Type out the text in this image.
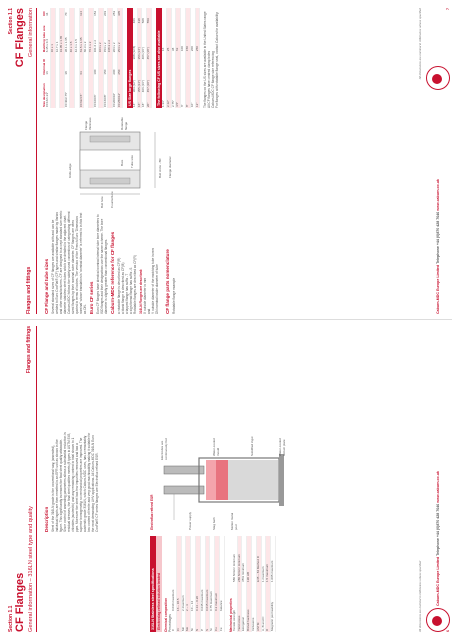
Section 1.1 CF Flanges General information – 316LN steel type and quality
Flanges and fittings
Description Steel of the 316LN grade is the conventional way, (annealed), individual ingots are then remelted in an EFR unit as shown in the figure. This significantly increases the final steel quality attainable. Since control of annealing parameters allows a substantial reduction in residual stresses, the final steel qualities meets (8 types in ASTM E45, chlorides (austenitic) and any remaining content in total shown to 1 ppm. Moreover the steel has few impurities removed and has a superior homogeneity, so mechanical properties are improved. The austenitic grade 316LN, which Caburn-MDC uses, has a remarkably low content of ferrite and very good machinability making it suitable for the most demanding UHV applications. All Caburn-MDC 316LN Euro ConFlat® CF series flanges are Electroflux refined ESR.
316LN Stainless steel specifications Electroslag refined solution treated Chemical composition Percentages C	0.030 maximum
Cr	16 – 18.5
Mn	2 maximum
Mo	2 – 3
Ni	10 – 14
N	0.14 – 0.20
P	0.045 maximum
S	0.015 maximum
Si	0.75 maximum
Co	0.2 maximum
Fe	balance Mechanical properties Tensile strength	580 N/mm² minimum
Yield stress	280 N/mm² minimum
Elongation	35% minimum
Brinell hardness	190 HB
Inclusions	
ASTM	E45 – 84 Method D
A, B and C	1 maximum
D	1.5 maximum
Magnetic permeability	1.005 maximum
Electroflux refined ESR
Electrodes are continuously fed
Power supply	Slag bath	Molten metal pool
Water-cooled mould	Solidified ingot	Water-cooled bottom plate
All dimensions are nominal in millimetres unless specified	Caburn-MDC Europe Limited Telephone +44 (0)870 428 7646 www.caburn.co.uk
6
Flanges and fittings
Section 1.1 CF Flanges General information
CF Flange and tube sizes Several standard sizes of CF flanges are available with and can be welded to Euro ConFlat® (CF) types and similar flanges made by Varian and other manufacturers. CF are designed to accept standard size metric diameter stainless steel tubes which are detailed in the adjacent chart. Caburn-MDC follows the widely used convention of categorising different sized flanges by their nominal outer diameter. CF flanges are often quoted in terms of inches. The version of the French Euro 'Dimension nominal' whose translation is 'nominal diameter' is referred to in this text as DN. Euro CF series Euro CF flanges have identical nominal internal tube bore diameters to ISO flanges and their designations use the same scheme. The bore diameter is slightly greater than conventional flanges. Caburn-MDC reference for CF flanges a rotatable flange is described as CF(R) a blank flange is described as CF(B) a tapped flange has suffix -T a sign thread flange has suffix -S Rotatable flanges are described as CF(R) 316LN Flanges are described: X outside diameter in mm and Y outside diameter of the matching tube in mm DN nominal inside diameter of tube CF flange parts nomenclature Rotatable flange example
Knife-edge
Flange thickness
Bolt hole Counterbore
Bolt circle - BC Flange diameter
Bore Tube size
Rotatable flange
Size designation	Nominal ID	Matching tube size	OD
CF16/1.33"	16	6.35 x 0.4	34
		10 x 1	
		12.7 x 1	
		19.05 x 1.65	
CF40/2.75"	38	38.1 x 1.65	70
		40 x 1.5	
		42.4 x 1.5	
CF63/4.5"	63	63.5 x 1.65	114
		60.3 x 2	
		76.1 x 2	
CF100/6"	100	101.6 x 2	152
		104 x 2	
CF160/8"	150	154 x 2	203
		168.3 x 2	
CF200/10"	200	204 x 2	253
CF250/12"	250	254 x 2	305
US Size large flanges 14"	303 (12")	308 (12.5)	406
16"	355 (14")	356 (14")	438
18"	406 (16")	406 (16")	508
20"	457 (18")	457 (18")	559
The following CF US sizes are also available 1.33"	16
2.12"	25
2.75"	38
4.5"	63
6"	100
8"	150
10"	200
12"	250 The flanges on the US sizes are available in the United States range All CF flanges have centred clamp holes Caburn-MDC CF flange size referencing For flanges with rotatable flange seal, contact Caburn for availability	All dimensions are nominal in millimetres unless specified
Caburn-MDC Europe Limited Telephone +44 (0)870 428 7646 www.caburn.co.uk
7
